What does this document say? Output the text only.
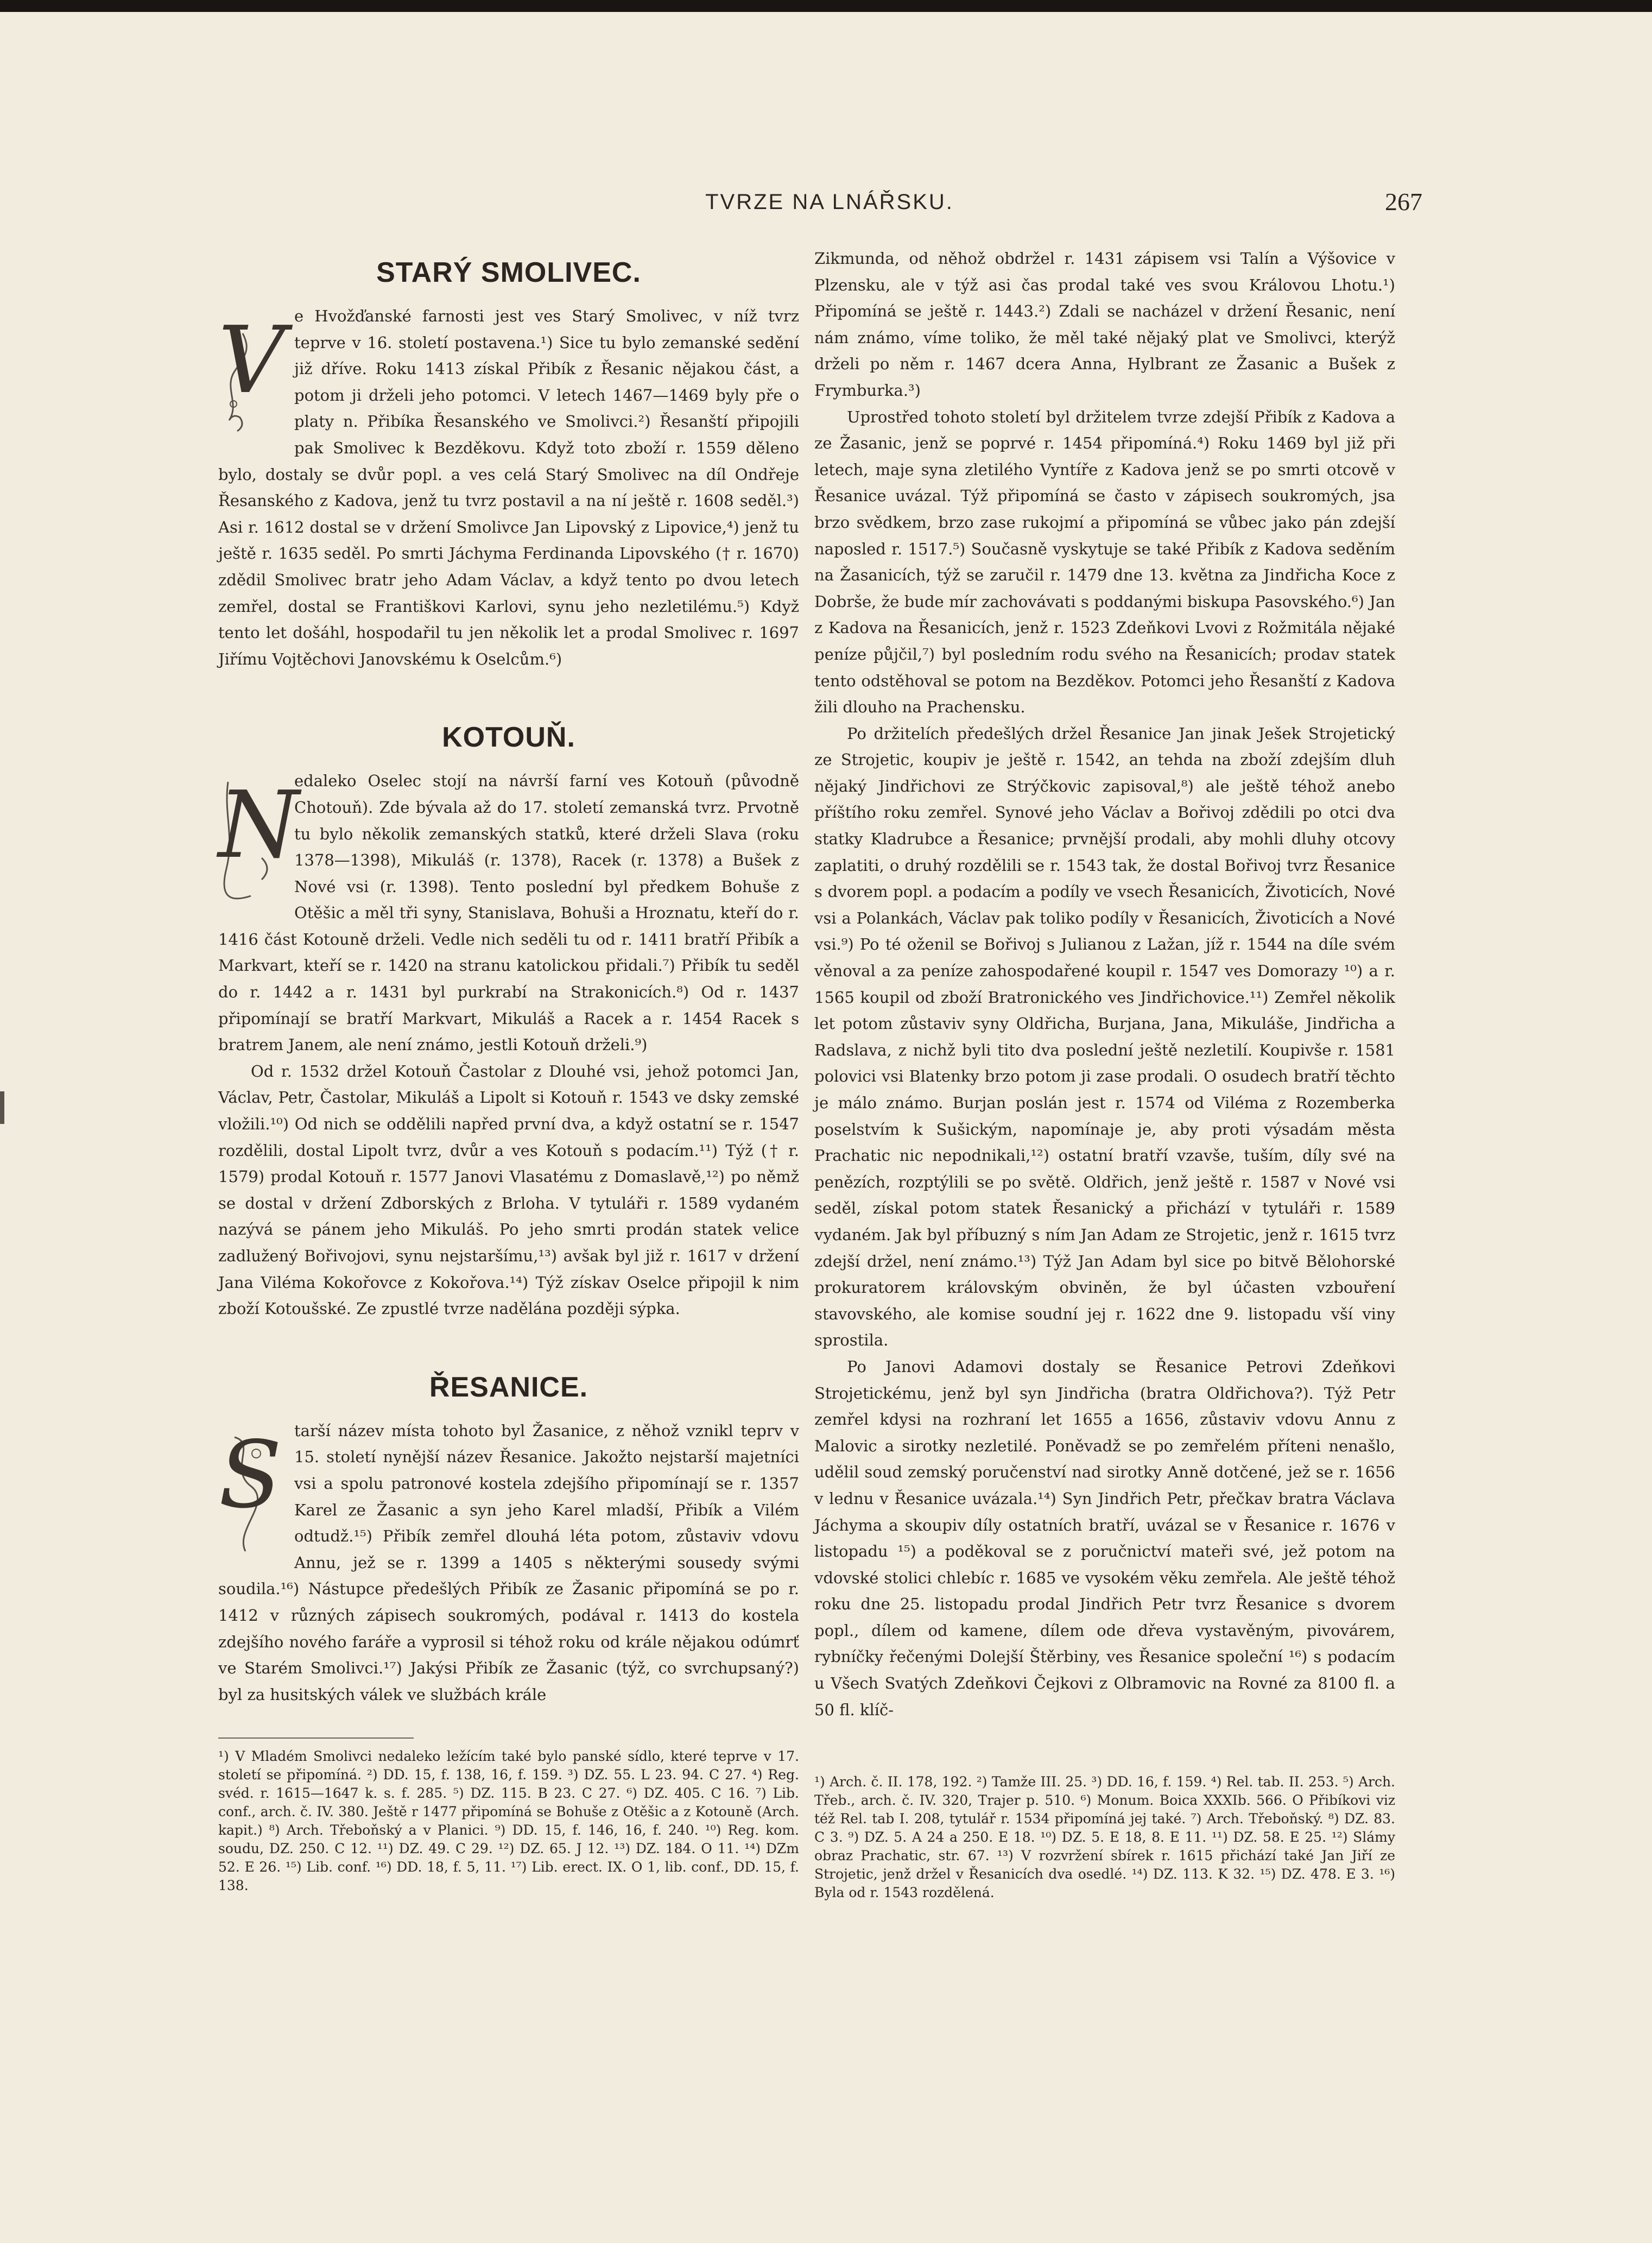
TVRZE NA LNÁŘSKU.	267
STARÝ SMOLIVEC.
V e Hvožďanské farnosti jest ves Starý Smolivec, v níž tvrz teprve v 16. století postavena.¹) Sice tu bylo zemanské sedění již dříve. Roku 1413 získal Přibík z Řesanic nějakou část, a potom ji drželi jeho potomci. V letech 1467—1469 byly pře o platy n. Přibíka Řesanského ve Smolivci.²) Řesanští připojili pak Smolivec k Bezděkovu. Když toto zboží r. 1559 děleno bylo, dostaly se dvůr popl. a ves celá Starý Smolivec na díl Ondřeje Řesanského z Kadova, jenž tu tvrz postavil a na ní ještě r. 1608 seděl.³) Asi r. 1612 dostal se v držení Smolivce Jan Lipovský z Lipovice,⁴) jenž tu ještě r. 1635 seděl. Po smrti Jáchyma Ferdinanda Lipovského († r. 1670) zdědil Smolivec bratr jeho Adam Václav, a když tento po dvou letech zemřel, dostal se Františkovi Karlovi, synu jeho nezletilému.⁵) Když tento let došáhl, hospodařil tu jen několik let a prodal Smolivec r. 1697 Jiřímu Vojtěchovi Janovskému k Oselcům.⁶)

KOTOUŇ.
N

edaleko Oselec stojí na návrší farní ves Kotouň (původně Chotouň). Zde bývala až do 17. století zemanská tvrz. Prvotně tu bylo několik zemanských statků, které drželi Slava (roku 1378—1398), Mikuláš (r. 1378), Racek (r. 1378) a Bušek z Nové vsi (r. 1398). Tento poslední byl předkem Bohuše z Otěšic a měl tři syny, Stanislava, Bohuši a Hroznatu, kteří do r. 1416 část Kotouně drželi. Vedle nich seděli tu od r. 1411 bratří Přibík a Markvart, kteří se r. 1420 na stranu katolickou přidali.⁷) Přibík tu seděl do r. 1442 a r. 1431 byl purkrabí na Strakonicích.⁸) Od r. 1437 připomínají se bratří Markvart, Mikuláš a Racek a r. 1454 Racek s bratrem Janem, ale není známo, jestli Kotouň drželi.⁹)

Od r. 1532 držel Kotouň Častolar z Dlouhé vsi, jehož potomci Jan, Václav, Petr, Častolar, Mikuláš a Lipolt si Kotouň r. 1543 ve dsky zemské vložili.¹⁰) Od nich se oddělili napřed první dva, a když ostatní se r. 1547 rozdělili, dostal Lipolt tvrz, dvůr a ves Kotouň s podacím.¹¹) Týž († r. 1579) prodal Kotouň r. 1577 Janovi Vlasatému z Domaslavě,¹²) po němž se dostal v držení Zdborských z Brloha. V tytuláři r. 1589 vydaném nazývá se pánem jeho Mikuláš. Po jeho smrti prodán statek velice zadlužený Bořivojovi, synu nejstaršímu,¹³) avšak byl již r. 1617 v držení Jana Viléma Kokořovce z Kokořova.¹⁴) Týž získav Oselce připojil k nim zboží Kotoušské. Ze zpustlé tvrze nadělána později sýpka.

ŘESANICE.
S tarší název místa tohoto byl Žasanice, z něhož vznikl teprv v 15. století nynější název Řesanice. Jakožto nejstarší majetníci vsi a spolu patronové kostela zdejšího připomínají se r. 1357 Karel ze Žasanic a syn jeho Karel mladší, Přibík a Vilém odtudž.¹⁵) Přibík zemřel dlouhá léta potom, zůstaviv vdovu Annu, jež se r. 1399 a 1405 s některými sousedy svými soudila.¹⁶) Nástupce předešlých Přibík ze Žasanic připomíná se po r. 1412 v různých zápisech soukromých, podával r. 1413 do kostela zdejšího nového faráře a vyprosil si téhož roku od krále nějakou odúmrť ve Starém Smolivci.¹⁷) Jakýsi Přibík ze Žasanic (týž, co svrchupsaný?) byl za husitských válek ve službách krále

¹) V Mladém Smolivci nedaleko ležícím také bylo panské sídlo, které teprve v 17. století se připomíná. ²) DD. 15, f. 138, 16, f. 159. ³) DZ. 55. L 23. 94. C 27. ⁴) Reg. svéd. r. 1615—1647 k. s. f. 285. ⁵) DZ. 115. B 23. C 27. ⁶) DZ. 405. C 16. ⁷) Lib. conf., arch. č. IV. 380. Ještě r 1477 připomíná se Bohuše z Otěšic a z Kotouně (Arch. kapit.) ⁸) Arch. Třeboňský a v Planici. ⁹) DD. 15, f. 146, 16, f. 240. ¹⁰) Reg. kom. soudu, DZ. 250. C 12. ¹¹) DZ. 49. C 29. ¹²) DZ. 65. J 12. ¹³) DZ. 184. O 11. ¹⁴) DZm 52. E 26. ¹⁵) Lib. conf. ¹⁶) DD. 18, f. 5, 11. ¹⁷) Lib. erect. IX. O 1, lib. conf., DD. 15, f. 138.

Zikmunda, od něhož obdržel r. 1431 zápisem vsi Talín a Výšovice v Plzensku, ale v týž asi čas prodal také ves svou Královou Lhotu.¹) Připomíná se ještě r. 1443.²) Zdali se nacházel v držení Řesanic, není nám známo, víme toliko, že měl také nějaký plat ve Smolivci, kterýž drželi po něm r. 1467 dcera Anna, Hylbrant ze Žasanic a Bušek z Frymburka.³)

Uprostřed tohoto století byl držitelem tvrze zdejší Přibík z Kadova a ze Žasanic, jenž se poprvé r. 1454 připomíná.⁴) Roku 1469 byl již při letech, maje syna zletilého Vyntíře z Kadova jenž se po smrti otcově v Řesanice uvázal. Týž připomíná se často v zápisech soukromých, jsa brzo svědkem, brzo zase rukojmí a připomíná se vůbec jako pán zdejší naposled r. 1517.⁵) Současně vyskytuje se také Přibík z Kadova seděním na Žasanicích, týž se zaručil r. 1479 dne 13. května za Jindřicha Koce z Dobrše, že bude mír zachovávati s poddanými biskupa Pasovského.⁶) Jan z Kadova na Řesanicích, jenž r. 1523 Zdeňkovi Lvovi z Rožmitála nějaké peníze půjčil,⁷) byl posledním rodu svého na Řesanicích; prodav statek tento odstěhoval se potom na Bezděkov. Potomci jeho Řesanští z Kadova žili dlouho na Prachensku.

Po držitelích předešlých držel Řesanice Jan jinak Ješek Strojetický ze Strojetic, koupiv je ještě r. 1542, an tehda na zboží zdejším dluh nějaký Jindřichovi ze Strýčkovic zapisoval,⁸) ale ještě téhož anebo příštího roku zemřel. Synové jeho Václav a Bořivoj zdědili po otci dva statky Kladrubce a Řesanice; prvnější prodali, aby mohli dluhy otcovy zaplatiti, o druhý rozdělili se r. 1543 tak, že dostal Bořivoj tvrz Řesanice s dvorem popl. a podacím a podíly ve vsech Řesanicích, Životicích, Nové vsi a Polankách, Václav pak toliko podíly v Řesanicích, Životicích a Nové vsi.⁹) Po té oženil se Bořivoj s Julianou z Lažan, jíž r. 1544 na díle svém věnoval a za peníze zahospodařené koupil r. 1547 ves Domorazy ¹⁰) a r. 1565 koupil od zboží Bratronického ves Jindřichovice.¹¹) Zemřel několik let potom zůstaviv syny Oldřicha, Burjana, Jana, Mikuláše, Jindřicha a Radslava, z nichž byli tito dva poslední ještě nezletilí. Koupivše r. 1581 polovici vsi Blatenky brzo potom ji zase prodali. O osudech bratří těchto je málo známo. Burjan poslán jest r. 1574 od Viléma z Rozemberka poselstvím k Sušickým, napomínaje je, aby proti výsadám města Prachatic nic nepodnikali,¹²) ostatní bratří vzavše, tuším, díly své na penězích, rozptýlili se po světě. Oldřich, jenž ještě r. 1587 v Nové vsi seděl, získal potom statek Řesanický a přichází v tytuláři r. 1589 vydaném. Jak byl příbuzný s ním Jan Adam ze Strojetic, jenž r. 1615 tvrz zdejší držel, není známo.¹³) Týž Jan Adam byl sice po bitvě Bělohorské prokuratorem královským obviněn, že byl účasten vzbouření stavovského, ale komise soudní jej r. 1622 dne 9. listopadu vší viny sprostila.

Po Janovi Adamovi dostaly se Řesanice Petrovi Zdeňkovi Strojetickému, jenž byl syn Jindřicha (bratra Oldřichova?). Týž Petr zemřel kdysi na rozhraní let 1655 a 1656, zůstaviv vdovu Annu z Malovic a sirotky nezletilé. Poněvadž se po zemřelém příteni nenašlo, udělil soud zemský poručenství nad sirotky Anně dotčené, jež se r. 1656 v lednu v Řesanice uvázala.¹⁴) Syn Jindřich Petr, přečkav bratra Václava Jáchyma a skoupiv díly ostatních bratří, uvázal se v Řesanice r. 1676 v listopadu ¹⁵) a poděkoval se z poručnictví mateři své, jež potom na vdovské stolici chlebíc r. 1685 ve vysokém věku zemřela. Ale ještě téhož roku dne 25. listopadu prodal Jindřich Petr tvrz Řesanice s dvorem popl., dílem od kamene, dílem ode dřeva vystavěným, pivovárem, rybníčky řečenými Dolejší Štěrbiny, ves Řesanice společní ¹⁶) s podacím u Všech Svatých Zdeňkovi Čejkovi z Olbramovic na Rovné za 8100 fl. a 50 fl. klíč-

¹) Arch. č. II. 178, 192. ²) Tamže III. 25. ³) DD. 16, f. 159. ⁴) Rel. tab. II. 253. ⁵) Arch. Třeb., arch. č. IV. 320, Trajer p. 510. ⁶) Monum. Boica XXXIb. 566. O Přibíkovi viz též Rel. tab I. 208, tytulář r. 1534 připomíná jej také. ⁷) Arch. Třeboňský. ⁸) DZ. 83. C 3. ⁹) DZ. 5. A 24 a 250. E 18. ¹⁰) DZ. 5. E 18, 8. E 11. ¹¹) DZ. 58. E 25. ¹²) Slámy obraz Prachatic, str. 67. ¹³) V rozvržení sbírek r. 1615 přichází také Jan Jiří ze Strojetic, jenž držel v Řesanicích dva osedlé. ¹⁴) DZ. 113. K 32. ¹⁵) DZ. 478. E 3. ¹⁶) Byla od r. 1543 rozdělená.
